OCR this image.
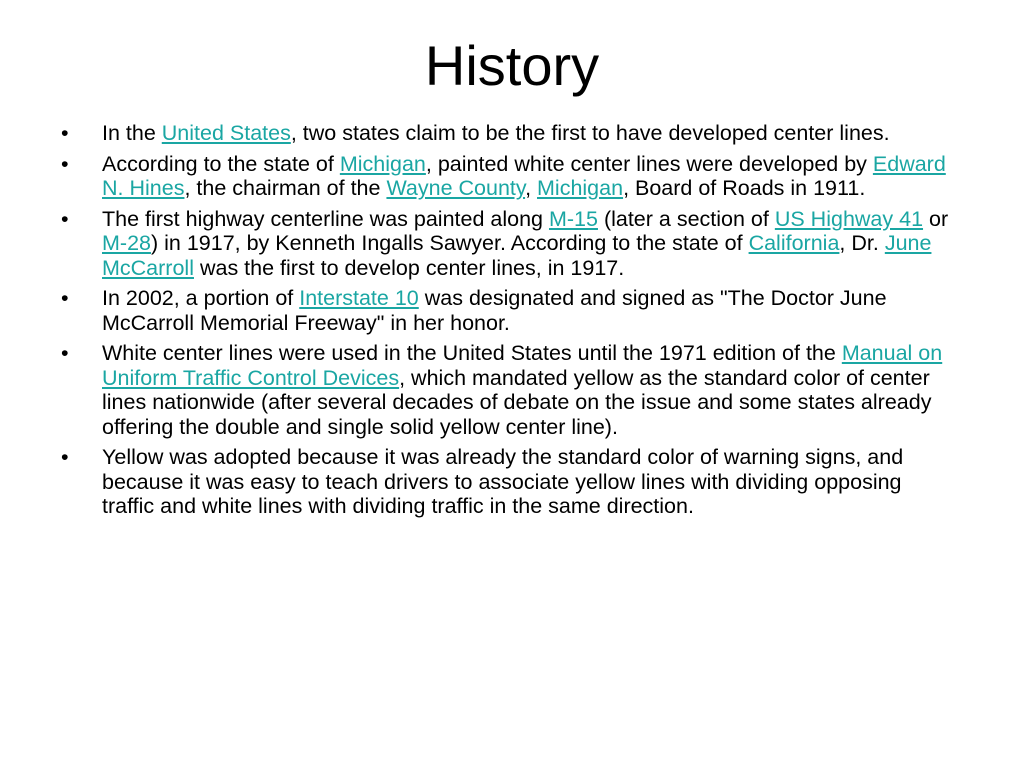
History
•	In the United States, two states claim to be the first to have developed center lines.
•	According to the state of Michigan, painted white center lines were developed by Edward N. Hines, the chairman of the Wayne County, Michigan, Board of Roads in 1911.
•	The first highway centerline was painted along M-15 (later a section of US Highway 41 or M-28) in 1917, by Kenneth Ingalls Sawyer. According to the state of California, Dr. June McCarroll was the first to develop center lines, in 1917.
•	In 2002, a portion of Interstate 10 was designated and signed as "The Doctor June McCarroll Memorial Freeway" in her honor.
•	White center lines were used in the United States until the 1971 edition of the Manual on Uniform Traffic Control Devices, which mandated yellow as the standard color of center lines nationwide (after several decades of debate on the issue and some states already offering the double and single solid yellow center line).
•	Yellow was adopted because it was already the standard color of warning signs, and because it was easy to teach drivers to associate yellow lines with dividing opposing traffic and white lines with dividing traffic in the same direction.
